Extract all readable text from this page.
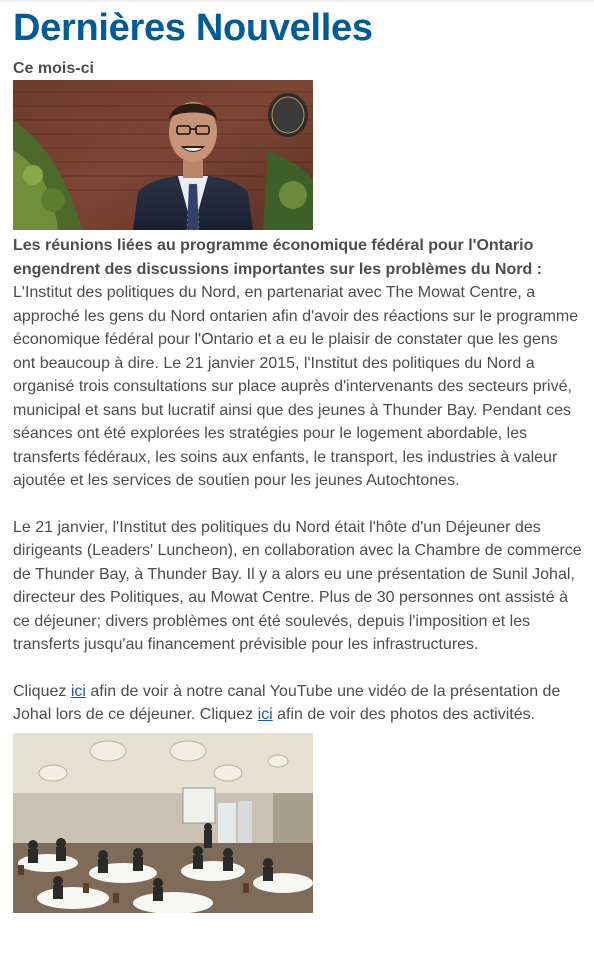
Dernières Nouvelles
Ce mois-ci
Les réunions liées au programme économique fédéral pour l'Ontario engendrent des discussions importantes sur les problèmes du Nord : L'Institut des politiques du Nord, en partenariat avec The Mowat Centre, a approché les gens du Nord ontarien afin d'avoir des réactions sur le programme économique fédéral pour l'Ontario et a eu le plaisir de constater que les gens ont beaucoup à dire. Le 21 janvier 2015, l'Institut des politiques du Nord a organisé trois consultations sur place auprès d'intervenants des secteurs privé, municipal et sans but lucratif ainsi que des jeunes à Thunder Bay. Pendant ces séances ont été explorées les stratégies pour le logement abordable, les transferts fédéraux, les soins aux enfants, le transport, les industries à valeur ajoutée et les services de soutien pour les jeunes Autochtones.
Le 21 janvier, l'Institut des politiques du Nord était l'hôte d'un Déjeuner des dirigeants (Leaders' Luncheon), en collaboration avec la Chambre de commerce de Thunder Bay, à Thunder Bay. Il y a alors eu une présentation de Sunil Johal, directeur des Politiques, au Mowat Centre. Plus de 30 personnes ont assisté à ce déjeuner; divers problèmes ont été soulevés, depuis l'imposition et les transferts jusqu'au financement prévisible pour les infrastructures.
Cliquez ici afin de voir à notre canal YouTube une vidéo de la présentation de Johal lors de ce déjeuner. Cliquez ici afin de voir des photos des activités.
